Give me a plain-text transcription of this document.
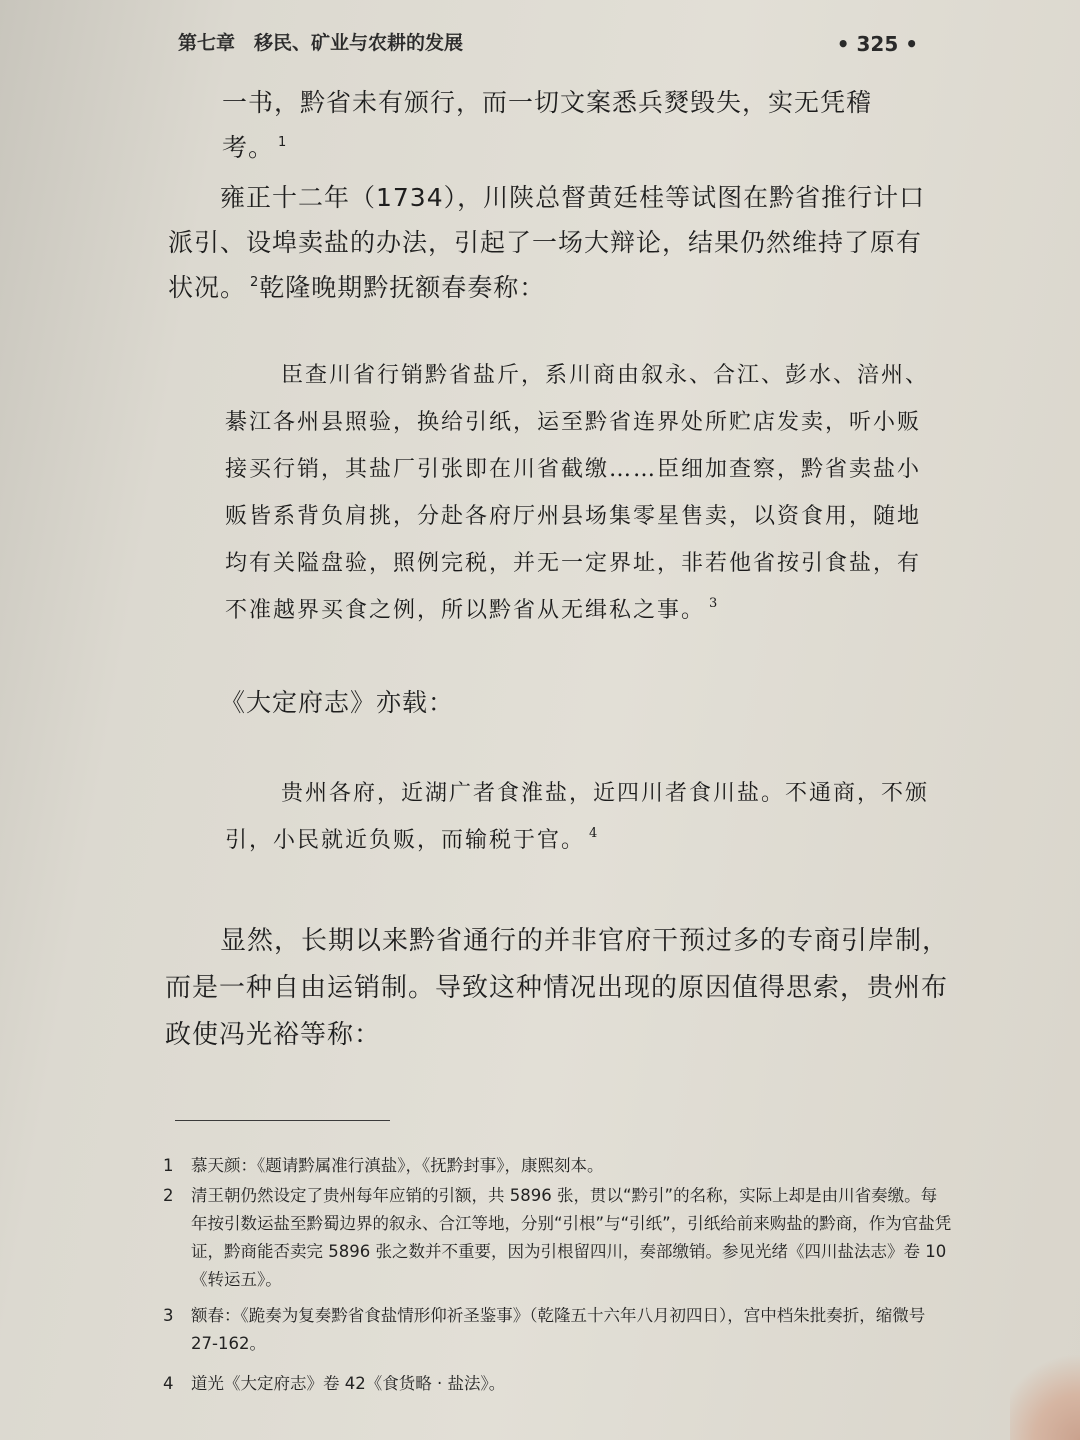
第七章　移民、矿业与农耕的发展	• 325 •

一书，黔省未有颁行，而一切文案悉兵燹毁失，实无凭稽考。 $^1$

雍正十二年（1734），川陕总督黄廷桂等试图在黔省推行计口派引、设埠卖盐的办法，引起了一场大辩论，结果仍然维持了原有状况。 $^2$乾隆晚期黔抚额春奏称：

臣查川省行销黔省盐斤，系川商由叙永、合江、彭水、涪州、綦江各州县照验，换给引纸，运至黔省连界处所贮店发卖，听小贩接买行销，其盐厂引张即在川省截缴……臣细加查察，黔省卖盐小贩皆系背负肩挑，分赴各府厅州县场集零星售卖，以资食用，随地均有关隘盘验，照例完税，并无一定界址，非若他省按引食盐，有不准越界买食之例，所以黔省从无缉私之事。 $^3$

《大定府志》亦载：

贵州各府，近湖广者食淮盐，近四川者食川盐。不通商，不颁引，小民就近负贩，而输税于官。 $^4$

显然，长期以来黔省通行的并非官府干预过多的专商引岸制，而是一种自由运销制。导致这种情况出现的原因值得思索，贵州布政使冯光裕等称：

1	慕天颜：《题请黔属准行滇盐》，《抚黔封事》，康熙刻本。
2	清王朝仍然设定了贵州每年应销的引额，共 5896 张，贯以“黔引”的名称，实际上却是由川省奏缴。每年按引数运盐至黔蜀边界的叙永、合江等地，分别“引根”与“引纸”，引纸给前来购盐的黔商，作为官盐凭证，黔商能否卖完 5896 张之数并不重要，因为引根留四川，奏部缴销。参见光绪《四川盐法志》卷 10《转运五》。
3	额春：《跪奏为复奏黔省食盐情形仰祈圣鉴事》（乾隆五十六年八月初四日），宫中档朱批奏折，缩微号 27-162。
4	道光《大定府志》卷 42《食货略 · 盐法》。
